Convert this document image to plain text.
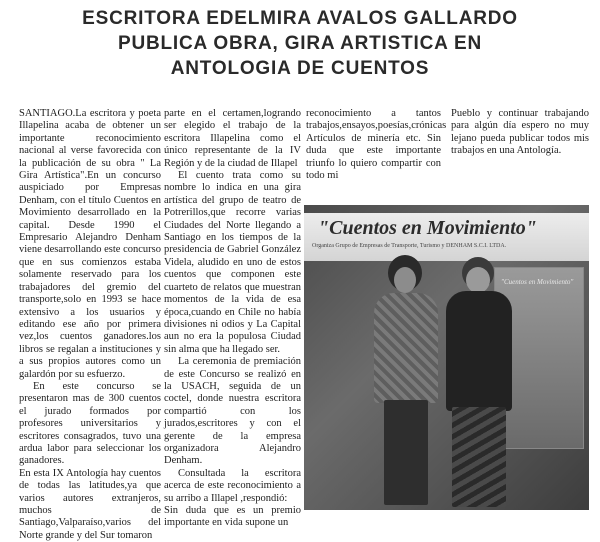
ESCRITORA EDELMIRA AVALOS GALLARDO
PUBLICA OBRA, GIRA ARTISTICA EN
ANTOLOGIA DE CUENTOS

SANTIAGO.La escritora y poeta Illapelina acaba de obtener un importante reconocimiento nacional al verse favorecida con la publicación de su obra " La Gira Artística".En un concurso auspiciado por Empresas Denham, con el título Cuentos en Movimiento desarrollado en la capital. Desde 1990 el Empresario Alejandro Denham viene desarrollando este concurso que en sus comienzos estaba solamente reservado para los trabajadores del gremio del transporte,solo en 1993 se hace extensivo a los usuarios y editando ese año por primera vez,los cuentos ganadores.los libros se regalan a instituciones y a sus propios autores como un galardón por su esfuerzo.

En este concurso se presentaron mas de 300 cuentos el jurado formados por profesores universitarios y escritores consagrados, tuvo una ardua labor para seleccionar los ganadores.

En esta IX Antología hay cuentos de todas las latitudes,ya que varios autores extranjeros, muchos de Santiago,Valparaíso,varios del Norte grande y del Sur tomaron

parte en el certamen,logrando ser elegido el trabajo de la escritora Illapelina como el único representante de la IV Región y de la ciudad de Illapel

El cuento trata como su nombre lo indica en una gira artística del grupo de teatro de Potrerillos,que recorre varias Ciudades del Norte llegando a Santiago en los tiempos de la presidencia de Gabriel González Videla, aludido en uno de estos cuentos que componen este cuarteto de relatos que muestran momentos de la vida de esa época,cuando en Chile no había divisiones ni odios y La Capital aun no era la populosa Ciudad sin alma que ha llegado ser.

La ceremonia de premiación de este Concurso se realizó en la USACH, seguida de un coctel, donde nuestra escritora compartió con los jurados,escritores y con el gerente de la empresa organizadora Alejandro Denham.

Consultada la escritora acerca de este reconocimiento a su arribo a Illapel ,respondió:

Sin duda que es un premio importante en vida supone un

reconocimiento a tantos trabajos,ensayos,poesías,crónicas Artículos de minería etc. Sin duda que este importante triunfo lo quiero compartir con todo mi

Pueblo y continuar trabajando para algún día espero no muy lejano pueda publicar todos mis trabajos en una Antología.

"Cuentos en Movimiento"
Organiza Grupo de Empresas de Transporte, Turismo y DENHAM S.C.I. LTDA.
"Cuentos en Movimiento"
